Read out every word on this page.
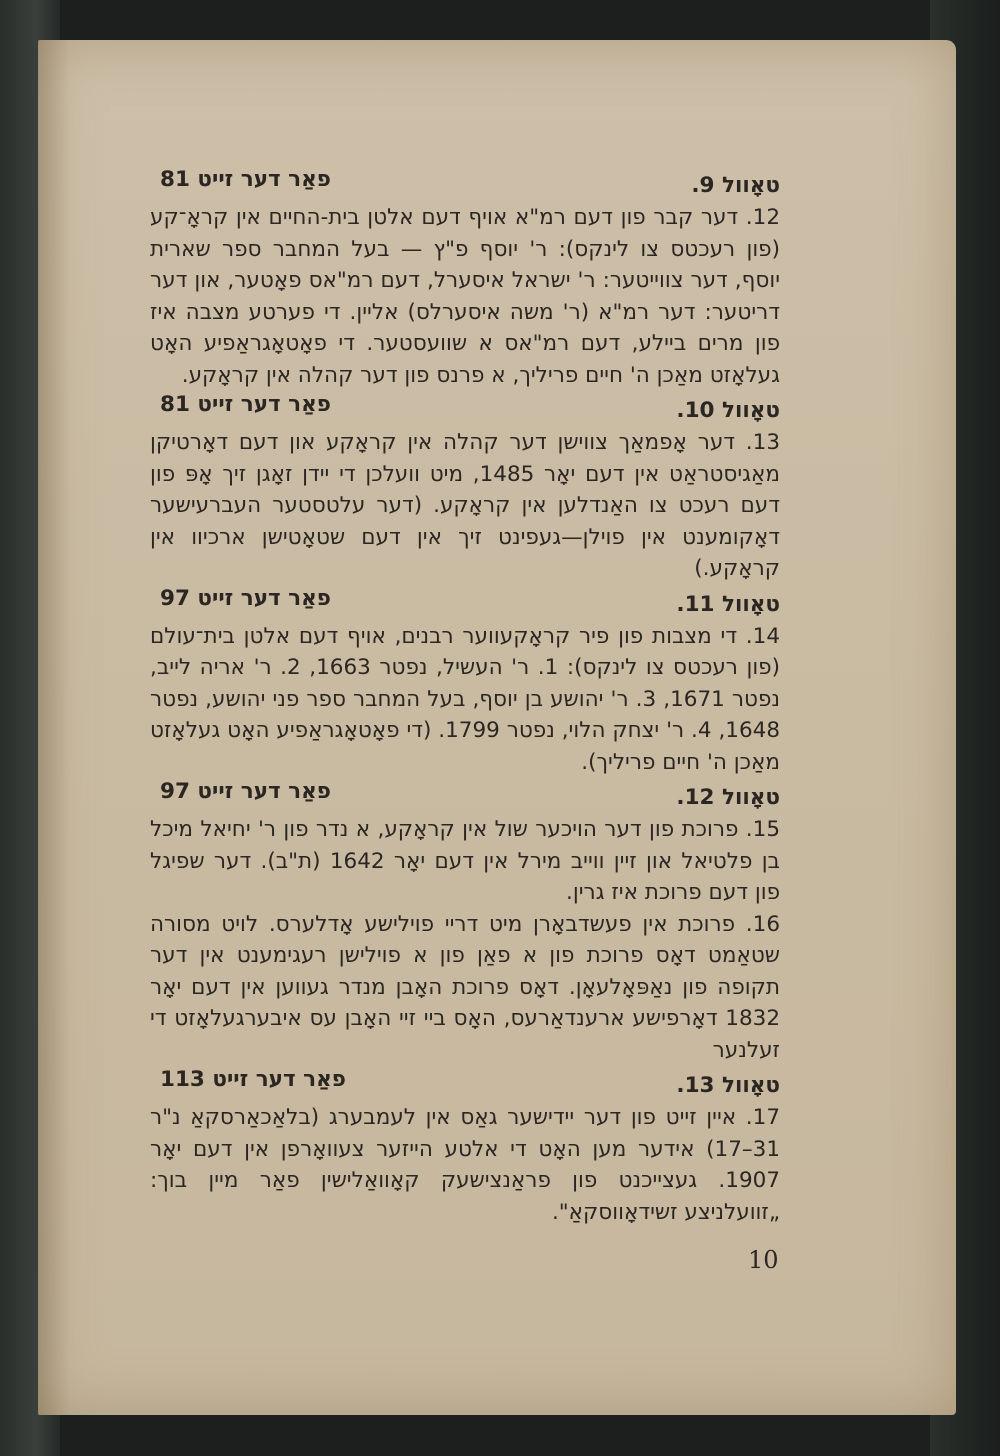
טאָוול 9.
פאַר דער זייט 81

12. דער קבר פון דעם רמ"א אויף דעם אלטן בית-החיים אין קראָ־קע (פון רעכטס צו לינקס): ר' יוסף פ"ץ — בעל המחבר ספר שארית יוסף, דער צווייטער: ר' ישראל איסערל, דעם רמ"אס פאָטער, און דער דריטער: דער רמ"א (ר' משה איסערלס) אליין. די פערטע מצבה איז פון מרים ביילע, דעם רמ"אס א שוועסטער. די פאָטאָגראַפיע האָט געלאָזט מאַכן ה' חיים פריליך, א פרנס פון דער קהלה אין קראָקע.

טאָוול 10.
פאַר דער זייט 81

13. דער אָפמאַך צווישן דער קהלה אין קראָקע און דעם דאָרטיקן מאַגיסטראַט אין דעם יאָר 1485, מיט וועלכן די יידן זאָגן זיך אָפּ פון דעם רעכט צו האַנדלען אין קראָקע. (דער עלטסטער העברעישער דאָקומענט אין פוילן—געפינט זיך אין דעם שטאָטישן ארכיוו אין קראָקע.)

טאָוול 11.
פאַר דער זייט 97

14. די מצבות פון פיר קראָקעווער רבנים, אויף דעם אלטן בית־עולם (פון רעכטס צו לינקס): 1. ר' העשיל, נפטר 1663, 2. ר' אריה לייב, נפטר 1671, 3. ר' יהושע בן יוסף, בעל המחבר ספר פני יהושע, נפטר 1648, 4. ר' יצחק הלוי, נפטר 1799. (די פאָטאָגראַפיע האָט געלאָזט מאַכן ה' חיים פריליך).

טאָוול 12.
פאַר דער זייט 97

15. פרוכת פון דער הויכער שול אין קראָקע, א נדר פון ר' יחיאל מיכל בן פלטיאל און זיין ווייב מירל אין דעם יאָר 1642 (ת"ב). דער שפיגל פון דעם פרוכת איז גרין.

16. פרוכת אין פעשדבאָרן מיט דריי פוילישע אָדלערס. לויט מסורה שטאַמט דאָס פרוכת פון א פאַן פון א פוילישן רעגימענט אין דער תקופה פון נאַפּאָלעאָן. דאָס פרוכת האָבן מנדר געווען אין דעם יאָר 1832 דאָרפישע ארענדאַרעס, האָס ביי זיי האָבן עס איבערגעלאָזט די זעלנער

טאָוול 13.
פאַר דער זייט 113

17. איין זייט פון דער יידישער גאַס אין לעמבערג (בלאַכאַרסקאַ נ"ר 31–17) אידער מען האָט די אלטע הייזער צעוואָרפן אין דעם יאָר 1907. געצייכנט פון פראַנצישעק קאָוואַלישין פאַר מיין בוך: „זוועלניצע זשידאָווסקאַ".

10
